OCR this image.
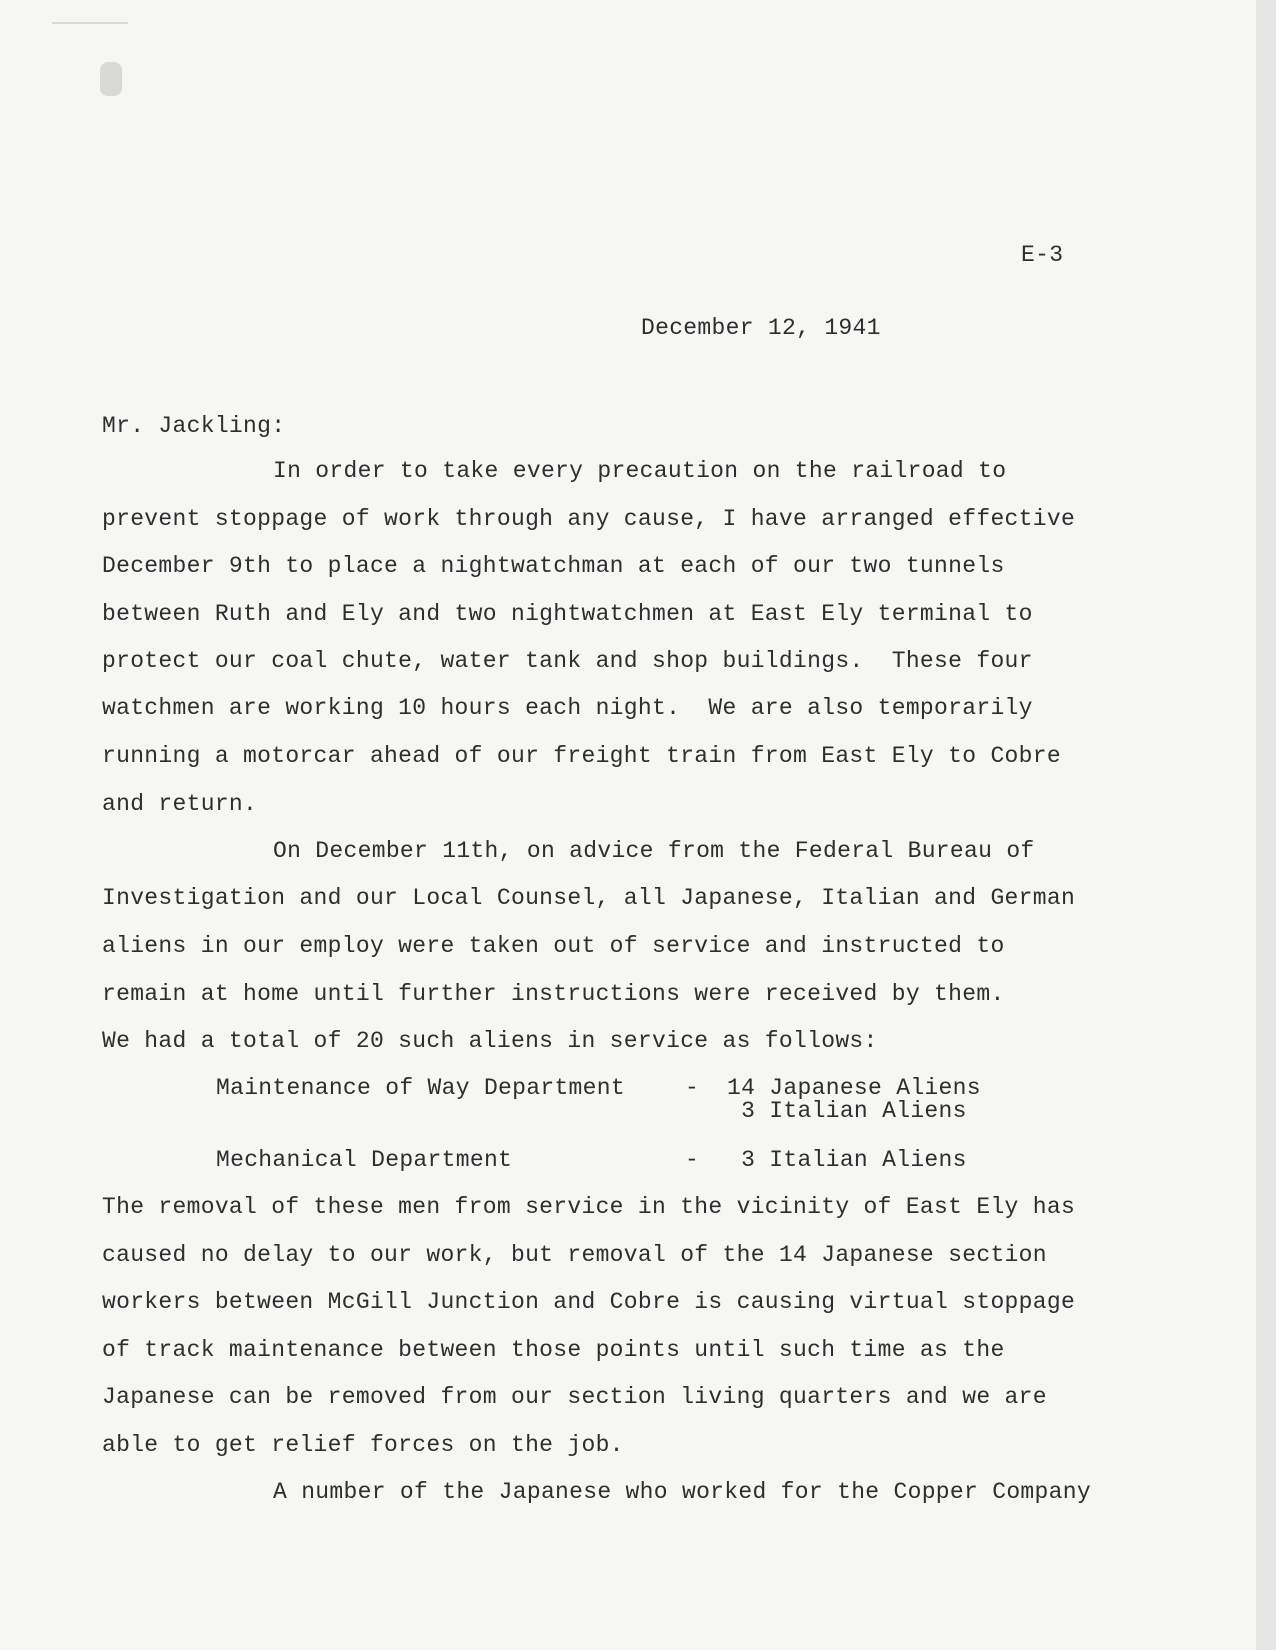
E-3
December 12, 1941
Mr. Jackling:
In order to take every precaution on the railroad to
prevent stoppage of work through any cause, I have arranged effective
December 9th to place a nightwatchman at each of our two tunnels
between Ruth and Ely and two nightwatchmen at East Ely terminal to
protect our coal chute, water tank and shop buildings.  These four
watchmen are working 10 hours each night.  We are also temporarily
running a motorcar ahead of our freight train from East Ely to Cobre
and return.
On December 11th, on advice from the Federal Bureau of
Investigation and our Local Counsel, all Japanese, Italian and German
aliens in our employ were taken out of service and instructed to
remain at home until further instructions were received by them.
We had a total of 20 such aliens in service as follows:
Maintenance of Way Department	- 14 Japanese Aliens
3 Italian Aliens
Mechanical Department	- 3 Italian Aliens
The removal of these men from service in the vicinity of East Ely has
caused no delay to our work, but removal of the 14 Japanese section
workers between McGill Junction and Cobre is causing virtual stoppage
of track maintenance between those points until such time as the
Japanese can be removed from our section living quarters and we are
able to get relief forces on the job.
A number of the Japanese who worked for the Copper Company
